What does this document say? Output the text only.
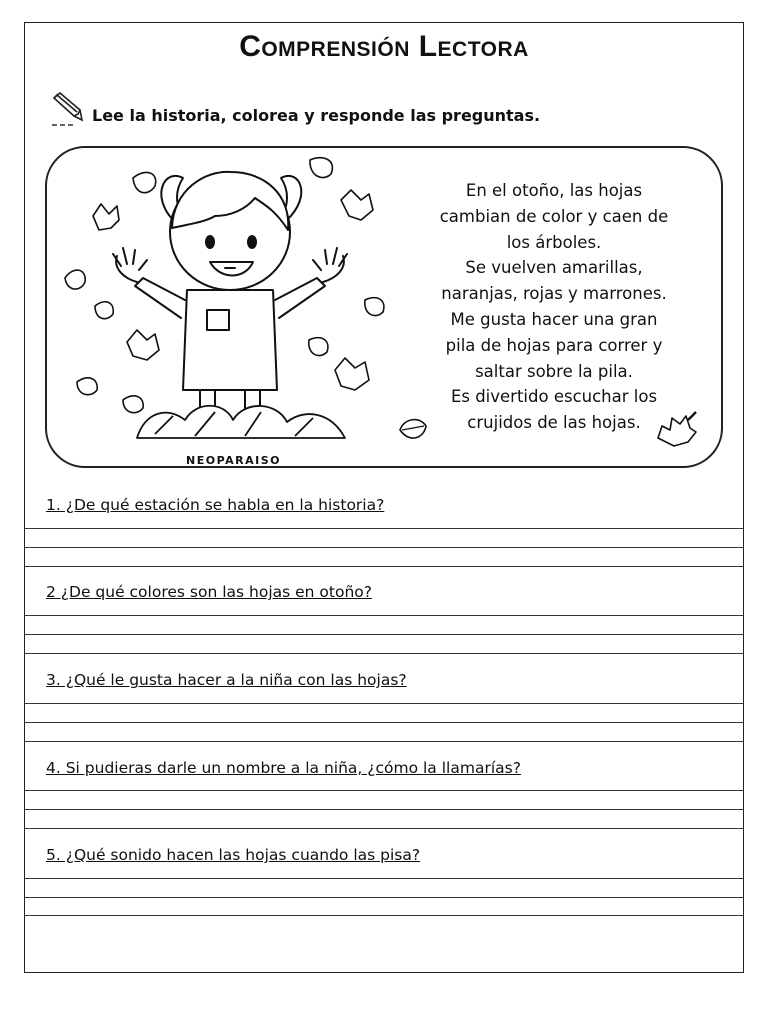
Comprensión Lectora
Lee la historia, colorea y responde las preguntas.
En el otoño, las hojas
cambian de color y caen de
los árboles.
Se vuelven amarillas,
naranjas, rojas y marrones.
Me gusta hacer una gran
pila de hojas para correr y
saltar sobre la pila.
Es divertido escuchar los
crujidos de las hojas.
NEOPARAISO
1. ¿De qué estación se habla en la historia?
2 ¿De qué colores son las hojas en otoño?
3. ¿Qué le gusta hacer a la niña con las hojas?
4. Si pudieras darle un nombre a la niña, ¿cómo la llamarías?
5. ¿Qué sonido hacen las hojas cuando las pisa?
